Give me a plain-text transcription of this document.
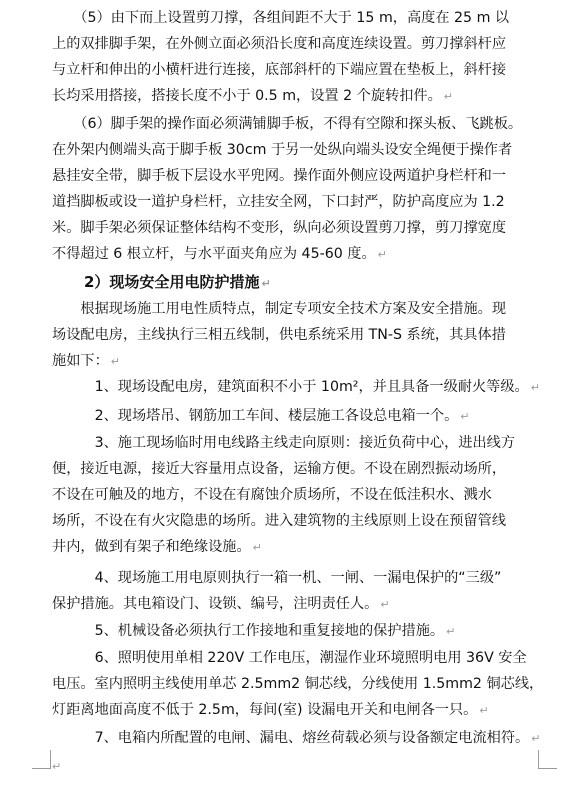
　　（5）由下而上设置剪刀撑，各组间距不大于 15 m，高度在 25 m 以
上的双排脚手架，在外侧立面必须沿长度和高度连续设置。剪刀撑斜杆应
与立杆和伸出的小横杆进行连接，底部斜杆的下端应置在垫板上，斜杆接
长均采用搭接，搭接长度不小于 0.5 m，设置 2 个旋转扣件。 ↵
　　（6）脚手架的操作面必须满铺脚手板，不得有空隙和探头板、飞跳板。
在外架内侧端头高于脚手板 30cm 于另一处纵向端头设安全绳便于操作者
悬挂安全带，脚手板下层设水平兜网。操作面外侧应设两道护身栏杆和一
道挡脚板或设一道护身栏杆，立挂安全网，下口封严，防护高度应为 1.2
米。脚手架必须保证整体结构不变形，纵向必须设置剪刀撑，剪刀撑宽度
不得超过 6 根立杆，与水平面夹角应为 45-60 度。 ↵
2）现场安全用电防护措施 ↵
　　根据现场施工用电性质特点，制定专项安全技术方案及安全措施。现
场设配电房，主线执行三相五线制，供电系统采用 TN-S 系统，其具体措
施如下： ↵
　　　1、现场设配电房，建筑面积不小于 10m²，并且具备一级耐火等级。 ↵
　　　2、现场塔吊、钢筋加工车间、楼层施工各设总电箱一个。 ↵
　　　3、施工现场临时用电线路主线走向原则：接近负荷中心，进出线方
便，接近电源，接近大容量用点设备，运输方便。不设在剧烈振动场所，
不设在可触及的地方，不设在有腐蚀介质场所，不设在低洼积水、溅水
场所，不设在有火灾隐患的场所。进入建筑物的主线原则上设在预留管线
井内，做到有架子和绝缘设施。 ↵
　　　4、现场施工用电原则执行一箱一机、一闸、一漏电保护的“三级”
保护措施。其电箱设门、设锁、编号，注明责任人。 ↵
　　　5、机械设备必须执行工作接地和重复接地的保护措施。 ↵
　　　6、照明使用单相 220V 工作电压，潮湿作业环境照明电用 36V 安全
电压。室内照明主线使用单芯 2.5mm2 铜芯线，分线使用 1.5mm2 铜芯线，
灯距离地面高度不低于 2.5m，每间(室) 设漏电开关和电闸各一只。 ↵
　　　7、电箱内所配置的电闸、漏电、熔丝荷载必须与设备额定电流相符。 ↵
↵
